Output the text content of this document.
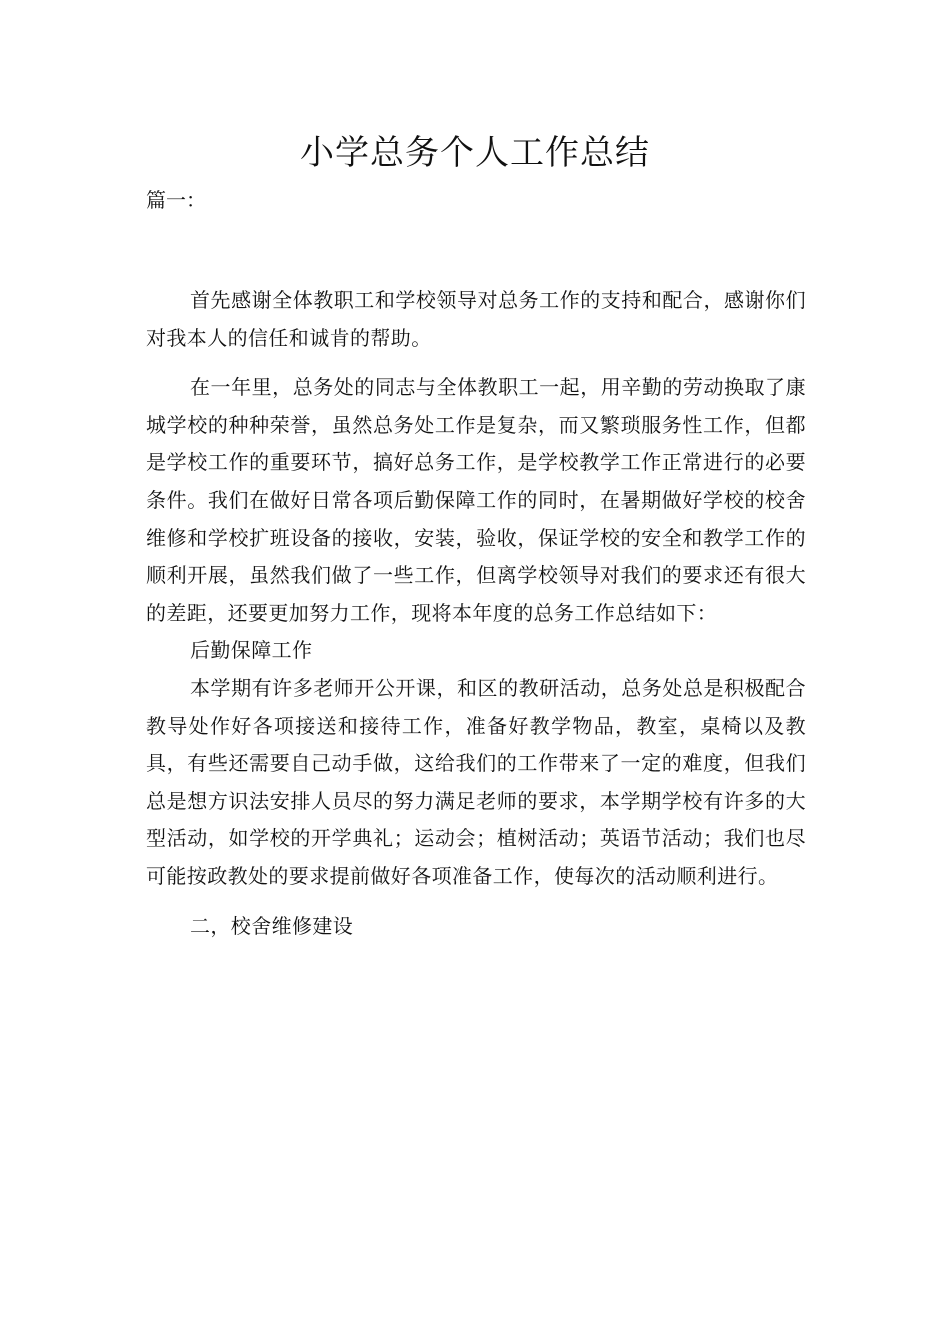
小学总务个人工作总结

篇一：

首先感谢全体教职工和学校领导对总务工作的支持和配合，感谢你们对我本人的信任和诚肯的帮助。

在一年里，总务处的同志与全体教职工一起，用辛勤的劳动换取了康城学校的种种荣誉，虽然总务处工作是复杂，而又繁琐服务性工作，但都是学校工作的重要环节，搞好总务工作，是学校教学工作正常进行的必要条件。我们在做好日常各项后勤保障工作的同时，在暑期做好学校的校舍维修和学校扩班设备的接收，安装，验收，保证学校的安全和教学工作的顺利开展，虽然我们做了一些工作，但离学校领导对我们的要求还有很大的差距，还要更加努力工作，现将本年度的总务工作总结如下：

后勤保障工作

本学期有许多老师开公开课，和区的教研活动，总务处总是积极配合教导处作好各项接送和接待工作，准备好教学物品，教室，桌椅以及教具，有些还需要自己动手做，这给我们的工作带来了一定的难度，但我们总是想方识法安排人员尽的努力满足老师的要求，本学期学校有许多的大型活动，如学校的开学典礼；运动会；植树活动；英语节活动；我们也尽可能按政教处的要求提前做好各项准备工作，使每次的活动顺利进行。

二，校舍维修建设
